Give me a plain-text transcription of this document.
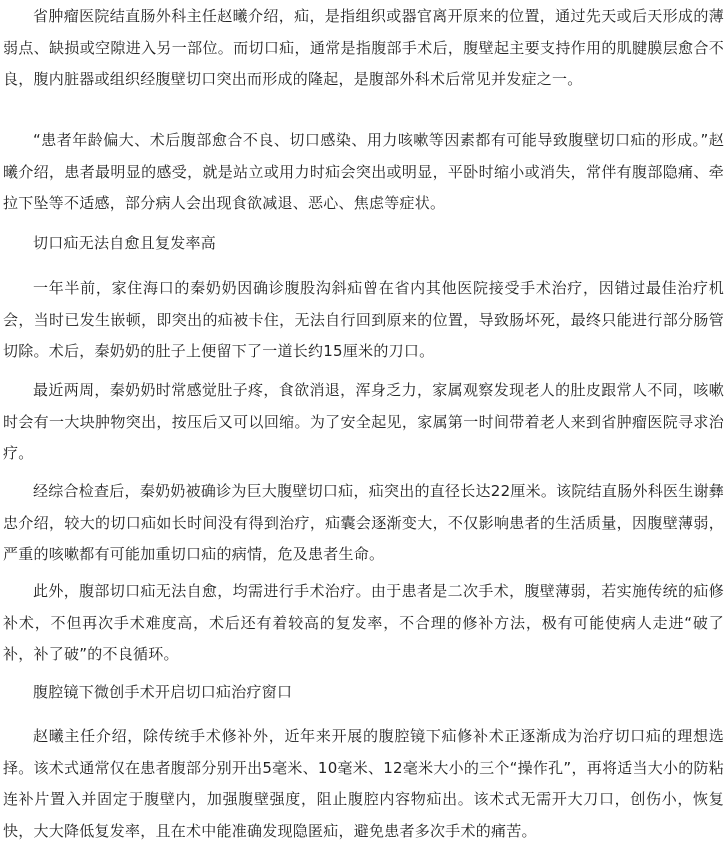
省肿瘤医院结直肠外科主任赵曦介绍，疝，是指组织或器官离开原来的位置，通过先天或后天形成的薄弱点、缺损或空隙进入另一部位。而切口疝，通常是指腹部手术后，腹壁起主要支持作用的肌腱膜层愈合不良，腹内脏器或组织经腹壁切口突出而形成的隆起，是腹部外科术后常见并发症之一。

“患者年龄偏大、术后腹部愈合不良、切口感染、用力咳嗽等因素都有可能导致腹壁切口疝的形成。”赵曦介绍，患者最明显的感受，就是站立或用力时疝会突出或明显，平卧时缩小或消失，常伴有腹部隐痛、牵拉下坠等不适感，部分病人会出现食欲减退、恶心、焦虑等症状。

切口疝无法自愈且复发率高

一年半前，家住海口的秦奶奶因确诊腹股沟斜疝曾在省内其他医院接受手术治疗，因错过最佳治疗机会，当时已发生嵌顿，即突出的疝被卡住，无法自行回到原来的位置，导致肠坏死，最终只能进行部分肠管切除。术后，秦奶奶的肚子上便留下了一道长约15厘米的刀口。

最近两周，秦奶奶时常感觉肚子疼，食欲消退，浑身乏力，家属观察发现老人的肚皮跟常人不同，咳嗽时会有一大块肿物突出，按压后又可以回缩。为了安全起见，家属第一时间带着老人来到省肿瘤医院寻求治疗。

经综合检查后，秦奶奶被确诊为巨大腹壁切口疝，疝突出的直径长达22厘米。该院结直肠外科医生谢彝忠介绍，较大的切口疝如长时间没有得到治疗，疝囊会逐渐变大，不仅影响患者的生活质量，因腹壁薄弱，严重的咳嗽都有可能加重切口疝的病情，危及患者生命。

此外，腹部切口疝无法自愈，均需进行手术治疗。由于患者是二次手术，腹壁薄弱，若实施传统的疝修补术，不但再次手术难度高，术后还有着较高的复发率，不合理的修补方法，极有可能使病人走进“破了补，补了破”的不良循环。

腹腔镜下微创手术开启切口疝治疗窗口

赵曦主任介绍，除传统手术修补外，近年来开展的腹腔镜下疝修补术正逐渐成为治疗切口疝的理想选择。该术式通常仅在患者腹部分别开出5毫米、10毫米、12毫米大小的三个“操作孔”，再将适当大小的防粘连补片置入并固定于腹壁内，加强腹壁强度，阻止腹腔内容物疝出。该术式无需开大刀口，创伤小，恢复快，大大降低复发率，且在术中能准确发现隐匿疝，避免患者多次手术的痛苦。
